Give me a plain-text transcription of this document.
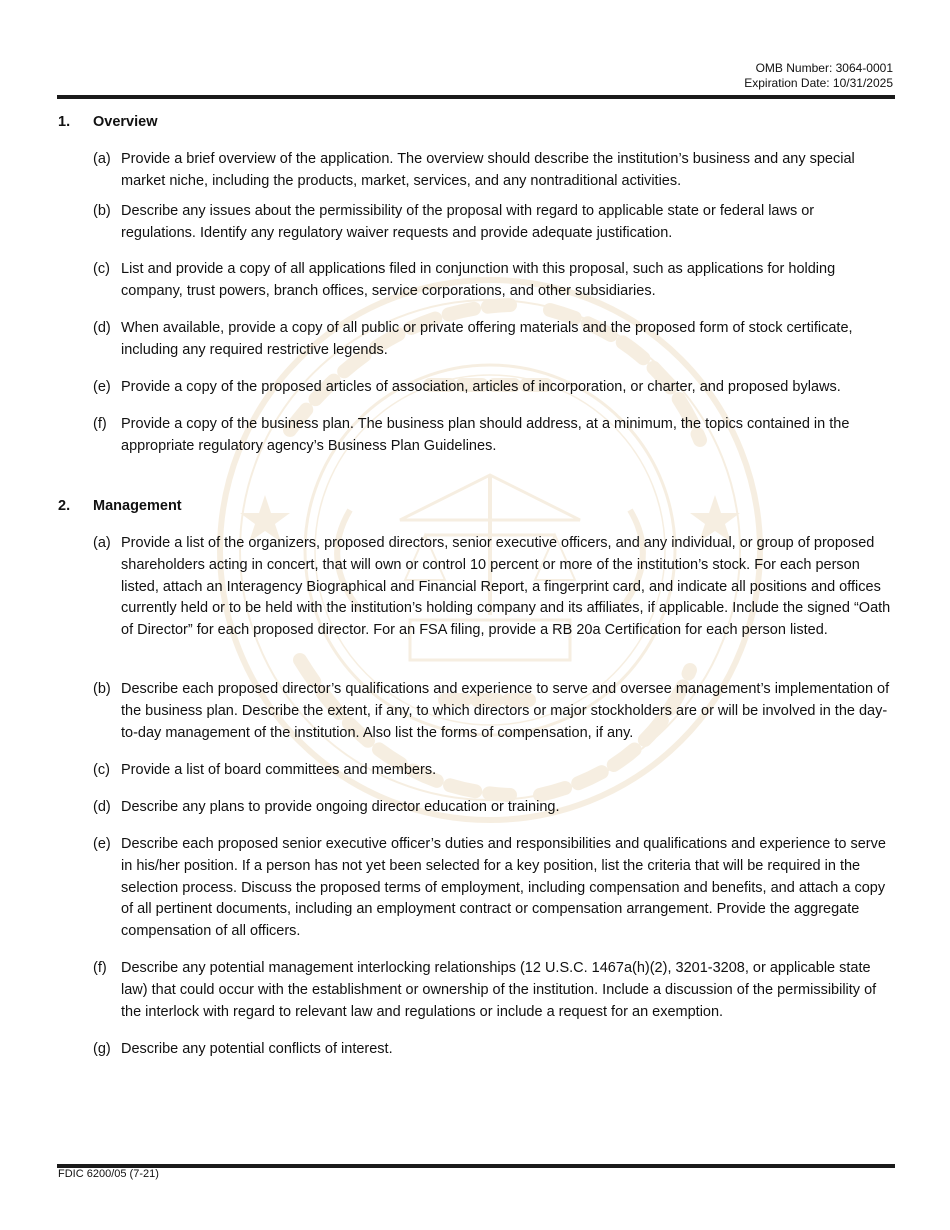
OMB Number: 3064-0001
Expiration Date: 10/31/2025
1. Overview
(a) Provide a brief overview of the application. The overview should describe the institution’s business and any special market niche, including the products, market, services, and any nontraditional activities.
(b) Describe any issues about the permissibility of the proposal with regard to applicable state or federal laws or regulations. Identify any regulatory waiver requests and provide adequate justification.
(c) List and provide a copy of all applications filed in conjunction with this proposal, such as applications for holding company, trust powers, branch offices, service corporations, and other subsidiaries.
(d) When available, provide a copy of all public or private offering materials and the proposed form of stock certificate, including any required restrictive legends.
(e) Provide a copy of the proposed articles of association, articles of incorporation, or charter, and proposed bylaws.
(f) Provide a copy of the business plan. The business plan should address, at a minimum, the topics contained in the appropriate regulatory agency’s Business Plan Guidelines.
2. Management
(a) Provide a list of the organizers, proposed directors, senior executive officers, and any individual, or group of proposed shareholders acting in concert, that will own or control 10 percent or more of the institution’s stock. For each person listed, attach an Interagency Biographical and Financial Report, a fingerprint card, and indicate all positions and offices currently held or to be held with the institution’s holding company and its affiliates, if applicable. Include the signed “Oath of Director” for each proposed director. For an FSA filing, provide a RB 20a Certification for each person listed.
(b) Describe each proposed director’s qualifications and experience to serve and oversee management’s implementation of the business plan. Describe the extent, if any, to which directors or major stockholders are or will be involved in the day-to-day management of the institution. Also list the forms of compensation, if any.
(c) Provide a list of board committees and members.
(d) Describe any plans to provide ongoing director education or training.
(e) Describe each proposed senior executive officer’s duties and responsibilities and qualifications and experience to serve in his/her position. If a person has not yet been selected for a key position, list the criteria that will be required in the selection process. Discuss the proposed terms of employment, including compensation and benefits, and attach a copy of all pertinent documents, including an employment contract or compensation arrangement. Provide the aggregate compensation of all officers.
(f) Describe any potential management interlocking relationships (12 U.S.C. 1467a(h)(2), 3201-3208, or applicable state law) that could occur with the establishment or ownership of the institution. Include a discussion of the permissibility of the interlock with regard to relevant law and regulations or include a request for an exemption.
(g) Describe any potential conflicts of interest.
FDIC 6200/05 (7-21)
